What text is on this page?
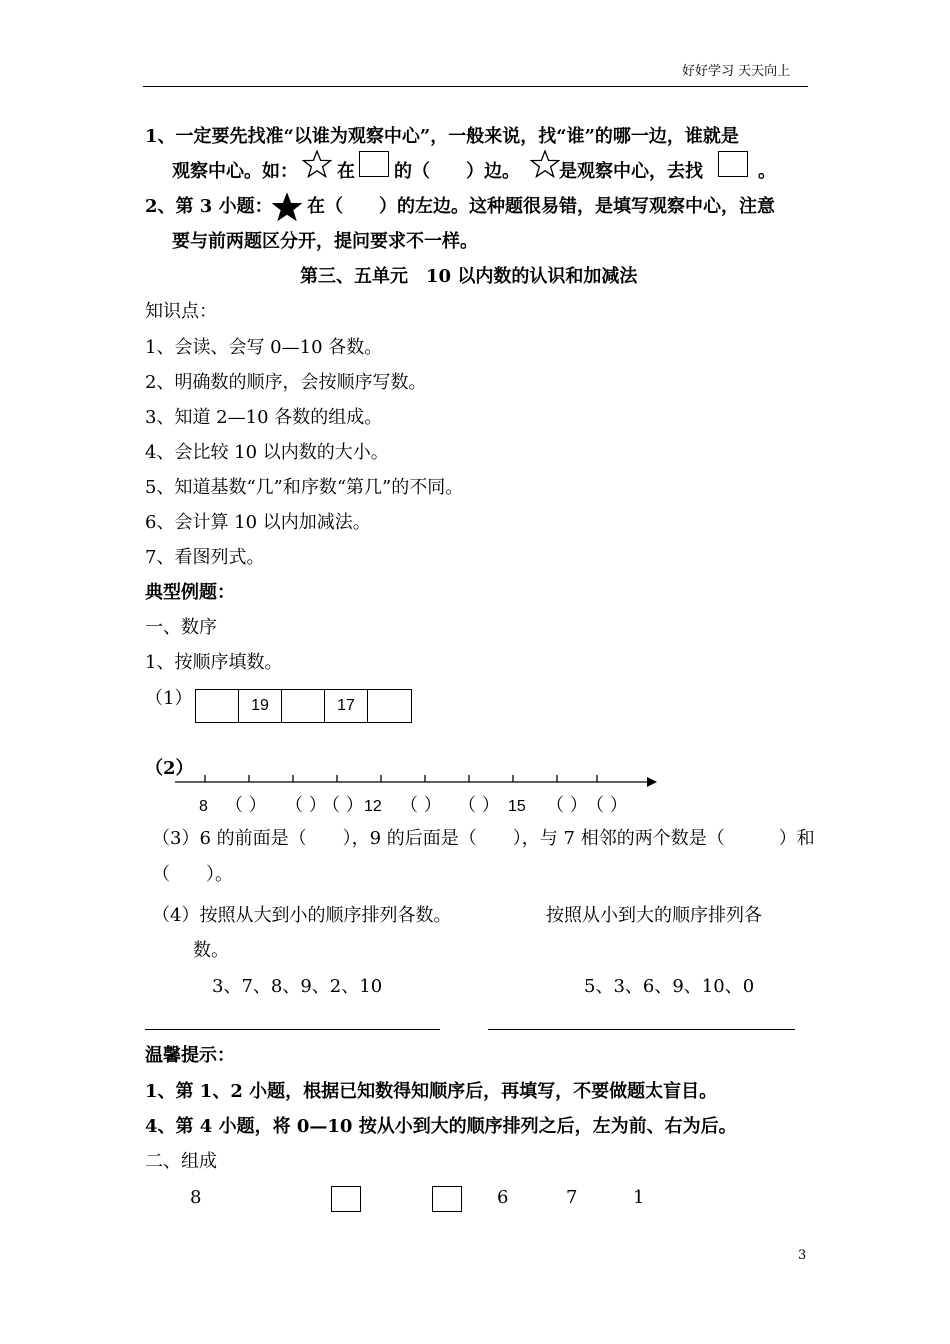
好好学习 天天向上
1、一定要先找准“以谁为观察中心”，一般来说，找“谁”的哪一边，谁就是
观察中心。如： 在 的（　　）边。 是观察中心，去找	。
2、第 3 小题： 在（　　）的左边。这种题很易错，是填写观察中心，注意
要与前两题区分开，提问要求不一样。
第三、五单元　10 以内数的认识和加减法
知识点：
1、会读、会写 0—10 各数。
2、明确数的顺序，会按顺序写数。
3、知道 2—10 各数的组成。
4、会比较 10 以内数的大小。
5、知道基数“几”和序数“第几”的不同。
6、会计算 10 以内加减法。
7、看图列式。
典型例题：
一、数序
1、按顺序填数。
（1）	19	17
（2）
8 （ ） （ ）
（ ） 12 （ ） （ ） 15 （ ）
（ ）
（3）6 的前面是（　　），9 的后面是（　　），与 7 相邻的两个数是（　　　）和
（　　）。
（4）按照从大到小的顺序排列各数。	按照从小到大的顺序排列各
数。
3、7、8、9、2、10	5、3、6、9、10、0
温馨提示：
1、第 1、2 小题，根据已知数得知顺序后，再填写，不要做题太盲目。
4、第 4 小题，将 0—10 按从小到大的顺序排列之后，左为前、右为后。
二、组成
8	6	7	1
3
